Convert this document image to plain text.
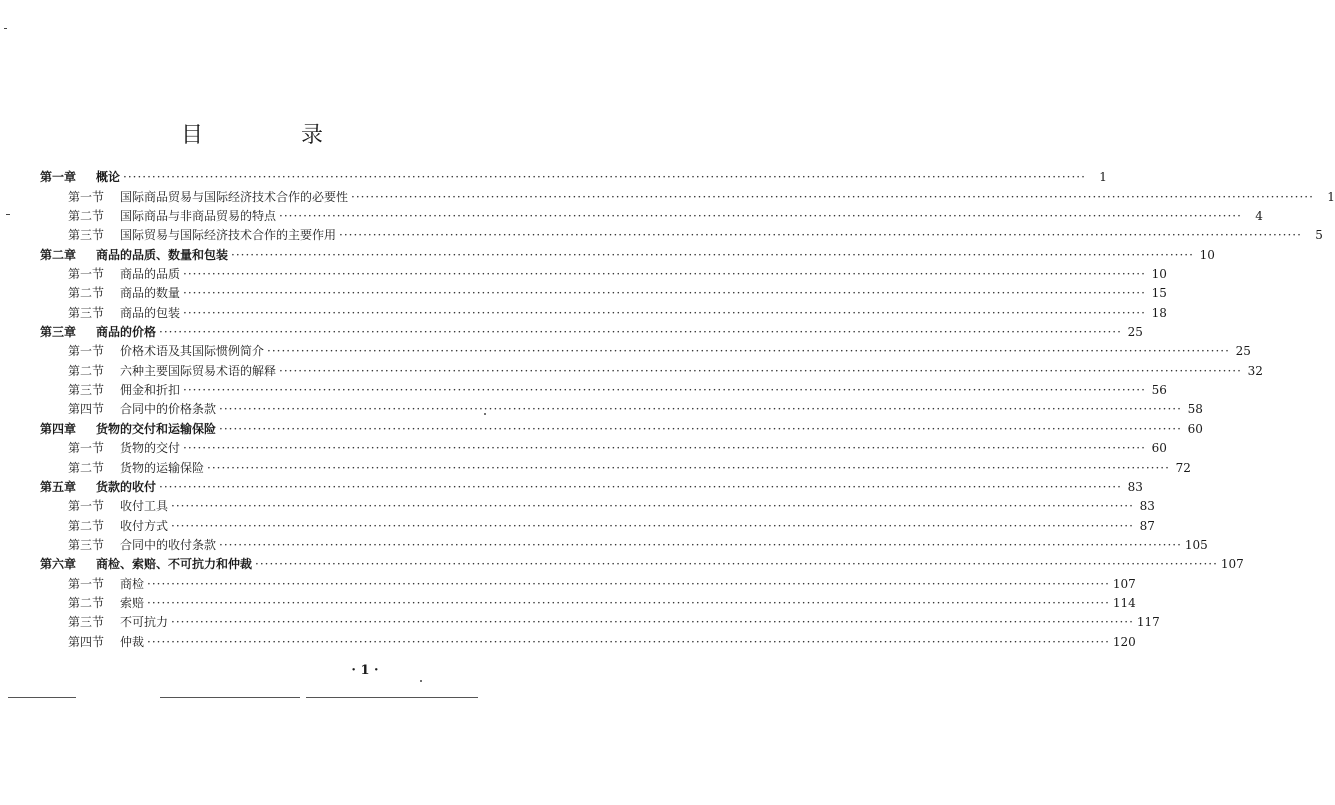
目　录
第一章	概论 ········································································································································································································	1
第一节	国际商品贸易与国际经济技术合作的必要性 ········································································································································································································	1
第二节	国际商品与非商品贸易的特点 ········································································································································································································	4
第三节	国际贸易与国际经济技术合作的主要作用 ········································································································································································································	5
第二章	商品的品质、数量和包装 ········································································································································································································ 10
第一节	商品的品质 ········································································································································································································ 10
第二节	商品的数量 ········································································································································································································ 15
第三节	商品的包装 ········································································································································································································ 18
第三章	商品的价格 ········································································································································································································ 25
第一节	价格术语及其国际惯例简介 ········································································································································································································ 25
第二节	六种主要国际贸易术语的解释 ········································································································································································································ 32
第三节	佣金和折扣 ········································································································································································································ 56
第四节	合同中的价格条款 ········································································································································································································ 58
第四章	货物的交付和运输保险 ········································································································································································································ 60
第一节	货物的交付 ········································································································································································································ 60
第二节	货物的运输保险 ········································································································································································································ 72
第五章	货款的收付 ········································································································································································································ 83
第一节	收付工具 ········································································································································································································ 83
第二节	收付方式 ········································································································································································································ 87
第三节	合同中的收付条款 ········································································································································································································ 105
第六章	商检、索赔、不可抗力和仲裁 ········································································································································································································ 107
第一节	商检 ········································································································································································································ 107
第二节	索赔 ········································································································································································································ 114
第三节	不可抗力 ········································································································································································································ 117
第四节	仲裁 ········································································································································································································ 120
· 1 ·
